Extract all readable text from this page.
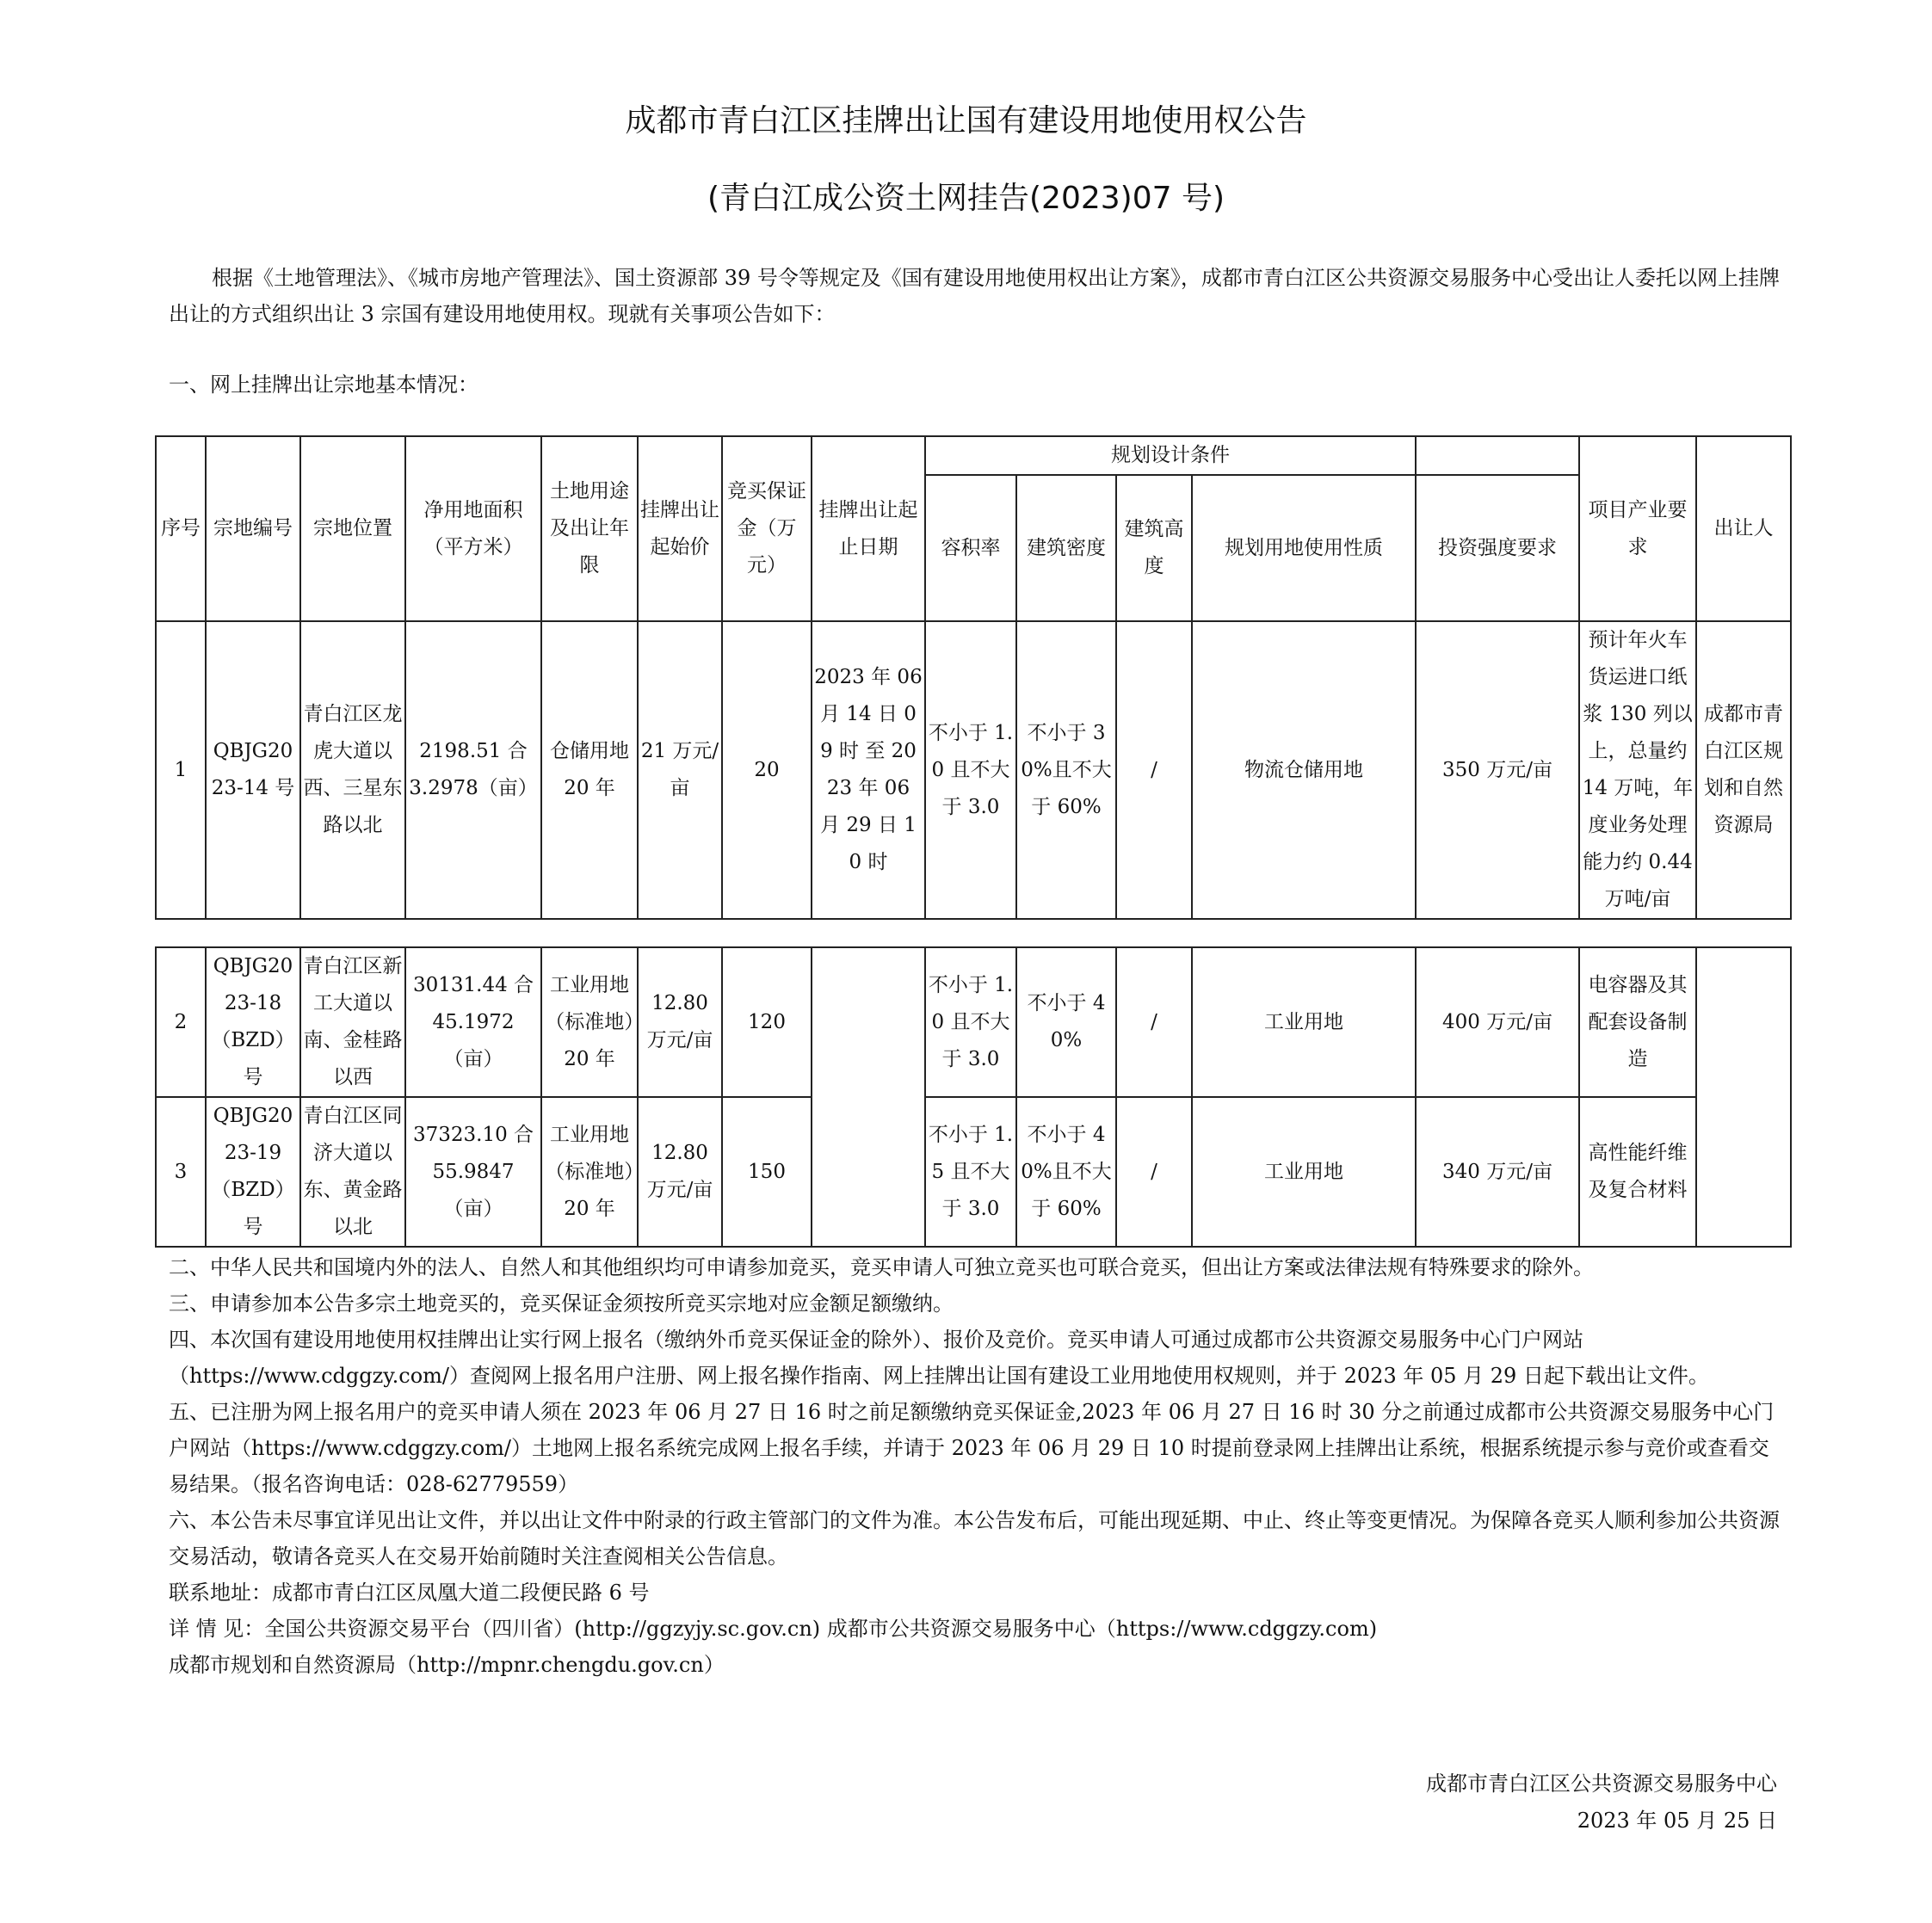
成都市青白江区挂牌出让国有建设用地使用权公告
(青白江成公资土网挂告(2023)07 号)
根据《土地管理法》、《城市房地产管理法》、国土资源部 39 号令等规定及《国有建设用地使用权出让方案》，成都市青白江区公共资源交易服务中心受出让人委托以网上挂牌出让的方式组织出让 3 宗国有建设用地使用权。现就有关事项公告如下：
一、网上挂牌出让宗地基本情况：
序号	宗地编号	宗地位置	净用地面积（平方米）	土地用途及出让年限	挂牌出让起始价	竞买保证金（万元）	挂牌出让起止日期	规划设计条件					项目产业要求	出让人
								容积率	建筑密度	建筑高度	规划用地使用性质	投资强度要求		
1	QBJG2023-14 号	青白江区龙虎大道以西、三星东路以北	2198.51 合 3.2978（亩）	仓储用地 20 年	21 万元/亩	20	2023 年 06 月 14 日 09 时 至 2023 年 06 月 29 日 10 时	不小于 1.0 且不大于 3.0	不小于 30%且不大于 60%	/	物流仓储用地	350 万元/亩	预计年火车货运进口纸浆 130 列以上，总量约 14 万吨，年度业务处理能力约 0.44 万吨/亩	成都市青白江区规划和自然资源局
2	QBJG2023-18（BZD）号	青白江区新工大道以南、金桂路以西	30131.44 合 45.1972（亩）	工业用地（标准地）20 年	12.80 万元/亩	120		不小于 1.0 且不大于 3.0	不小于 40%	/	工业用地	400 万元/亩	电容器及其配套设备制造	
3	QBJG2023-19（BZD）号	青白江区同济大道以东、黄金路以北	37323.10 合 55.9847（亩）	工业用地（标准地）20 年	12.80 万元/亩	150		不小于 1.5 且不大于 3.0	不小于 40%且不大于 60%	/	工业用地	340 万元/亩	高性能纤维及复合材料	

二、中华人民共和国境内外的法人、自然人和其他组织均可申请参加竞买，竞买申请人可独立竞买也可联合竞买，但出让方案或法律法规有特殊要求的除外。

三、申请参加本公告多宗土地竞买的，竞买保证金须按所竞买宗地对应金额足额缴纳。

四、本次国有建设用地使用权挂牌出让实行网上报名（缴纳外币竞买保证金的除外）、报价及竞价。竞买申请人可通过成都市公共资源交易服务中心门户网站（https://www.cdggzy.com/）查阅网上报名用户注册、网上报名操作指南、网上挂牌出让国有建设工业用地使用权规则，并于 2023 年 05 月 29 日起下载出让文件。

五、已注册为网上报名用户的竞买申请人须在 2023 年 06 月 27 日 16 时之前足额缴纳竞买保证金,2023 年 06 月 27 日 16 时 30 分之前通过成都市公共资源交易服务中心门户网站（https://www.cdggzy.com/）土地网上报名系统完成网上报名手续，并请于 2023 年 06 月 29 日 10 时提前登录网上挂牌出让系统，根据系统提示参与竞价或查看交易结果。（报名咨询电话：028-62779559）

六、本公告未尽事宜详见出让文件，并以出让文件中附录的行政主管部门的文件为准。本公告发布后，可能出现延期、中止、终止等变更情况。为保障各竞买人顺利参加公共资源交易活动，敬请各竞买人在交易开始前随时关注查阅相关公告信息。

联系地址：成都市青白江区凤凰大道二段便民路 6 号

详 情 见：全国公共资源交易平台（四川省）(http://ggzyjy.sc.gov.cn) 成都市公共资源交易服务中心（https://www.cdggzy.com)

成都市规划和自然资源局（http://mpnr.chengdu.gov.cn）

成都市青白江区公共资源交易服务中心
2023 年 05 月 25 日
